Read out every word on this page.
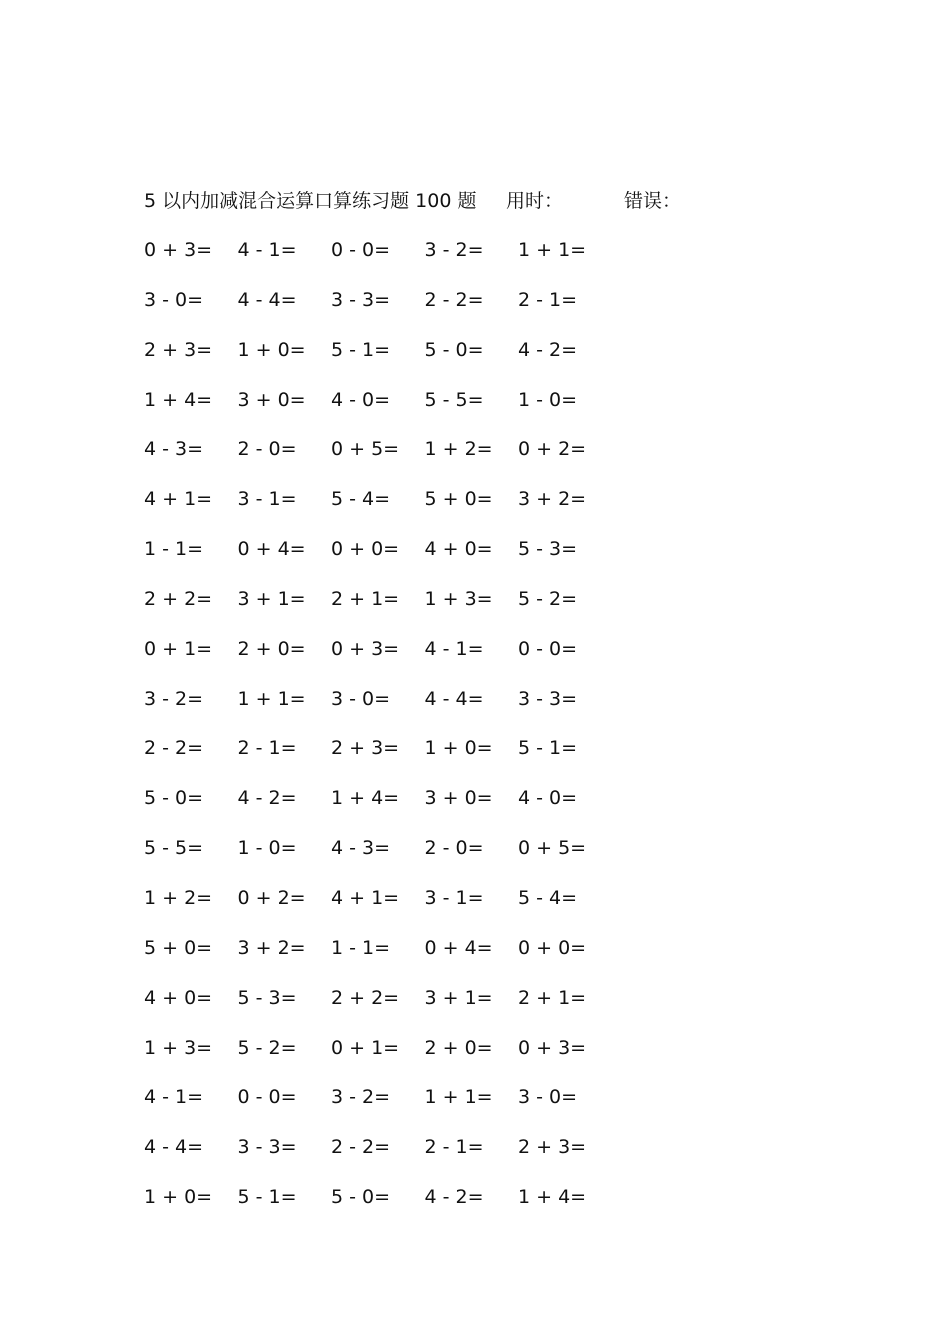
5 以内加减混合运算口算练习题 100 题 用时：	错误：
0 + 3=	4 - 1=	0 - 0=	3 - 2=	1 + 1=
3 - 0=	4 - 4=	3 - 3=	2 - 2=	2 - 1=
2 + 3=	1 + 0=	5 - 1=	5 - 0=	4 - 2=
1 + 4=	3 + 0=	4 - 0=	5 - 5=	1 - 0=
4 - 3=	2 - 0=	0 + 5=	1 + 2=	0 + 2=
4 + 1=	3 - 1=	5 - 4=	5 + 0=	3 + 2=
1 - 1=	0 + 4=	0 + 0=	4 + 0=	5 - 3=
2 + 2=	3 + 1=	2 + 1=	1 + 3=	5 - 2=
0 + 1=	2 + 0=	0 + 3=	4 - 1=	0 - 0=
3 - 2=	1 + 1=	3 - 0=	4 - 4=	3 - 3=
2 - 2=	2 - 1=	2 + 3=	1 + 0=	5 - 1=
5 - 0=	4 - 2=	1 + 4=	3 + 0=	4 - 0=
5 - 5=	1 - 0=	4 - 3=	2 - 0=	0 + 5=
1 + 2=	0 + 2=	4 + 1=	3 - 1=	5 - 4=
5 + 0=	3 + 2=	1 - 1=	0 + 4=	0 + 0=
4 + 0=	5 - 3=	2 + 2=	3 + 1=	2 + 1=
1 + 3=	5 - 2=	0 + 1=	2 + 0=	0 + 3=
4 - 1=	0 - 0=	3 - 2=	1 + 1=	3 - 0=
4 - 4=	3 - 3=	2 - 2=	2 - 1=	2 + 3=
1 + 0=	5 - 1=	5 - 0=	4 - 2=	1 + 4=
